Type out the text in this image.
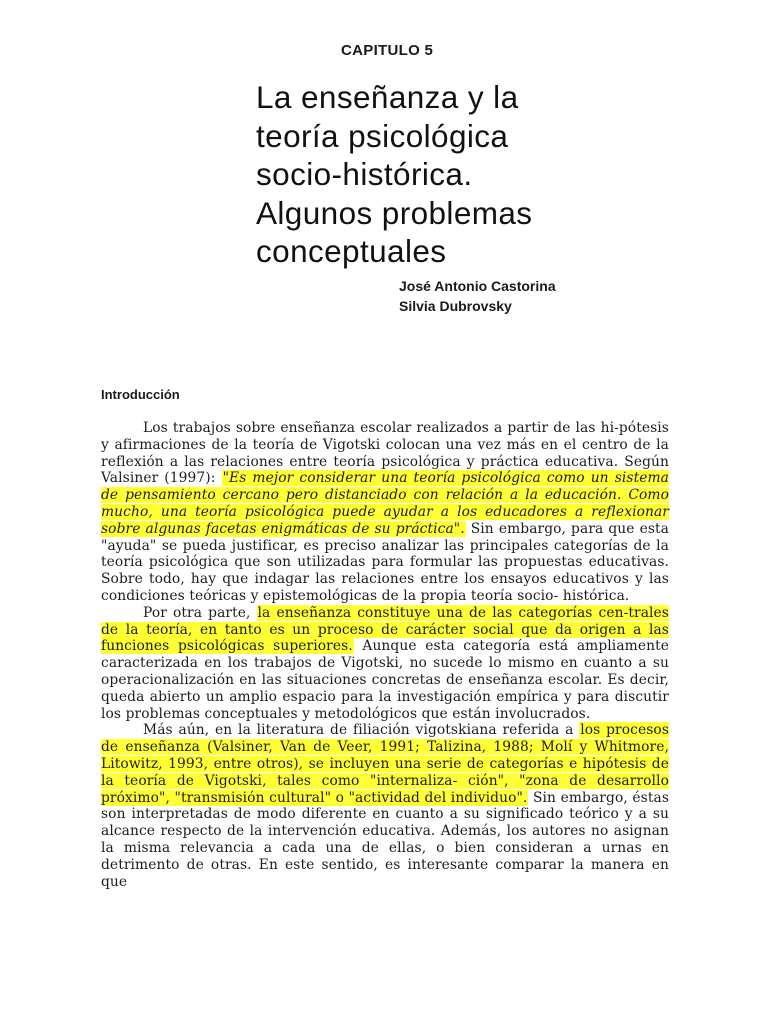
CAPITULO 5
La enseñanza y la
teoría psicológica
socio-histórica.
Algunos problemas
conceptuales
José Antonio Castorina
Silvia Dubrovsky
Introducción

Los trabajos sobre enseñanza escolar realizados a partir de las hi-pótesis y afirmaciones de la teoría de Vigotski colocan una vez más en el centro de la reflexión a las relaciones entre teoría psicológica y práctica educativa. Según Valsiner (1997): "Es mejor considerar una teoría psicológica como un sistema de pensamiento cercano pero distanciado con relación a la educación. Como mucho, una teoría psicológica puede ayudar a los educadores a reflexionar sobre algunas facetas enigmáticas de su práctica". Sin embargo, para que esta "ayuda" se pueda justificar, es preciso analizar las principales categorías de la teoría psicológica que son utilizadas para formular las propuestas educativas. Sobre todo, hay que indagar las relaciones entre los ensayos educativos y las condiciones teóricas y epistemológicas de la propia teoría socio- histórica.

Por otra parte, la enseñanza constituye una de las categorías cen-trales de la teoría, en tanto es un proceso de carácter social que da origen a las funciones psicológicas superiores. Aunque esta categoría está ampliamente caracterizada en los trabajos de Vigotski, no sucede lo mismo en cuanto a su operacionalización en las situaciones concretas de enseñanza escolar. Es decir, queda abierto un amplio espacio para la investigación empírica y para discutir los problemas conceptuales y metodológicos que están involucrados.

Más aún, en la literatura de filiación vigotskiana referida a los procesos de enseñanza (Valsiner, Van de Veer, 1991; Talizina, 1988; Molí y Whitmore, Litowitz, 1993, entre otros), se incluyen una serie de categorías e hipótesis de la teoría de Vigotski, tales como "internaliza- ción", "zona de desarrollo próximo", "transmisión cultural" o "actividad del individuo". Sin embargo, éstas son interpretadas de modo diferente en cuanto a su significado teórico y a su alcance respecto de la intervención educativa. Además, los autores no asignan la misma relevancia a cada una de ellas, o bien consideran a urnas en detrimento de otras. En este sentido, es interesante comparar la manera en que
